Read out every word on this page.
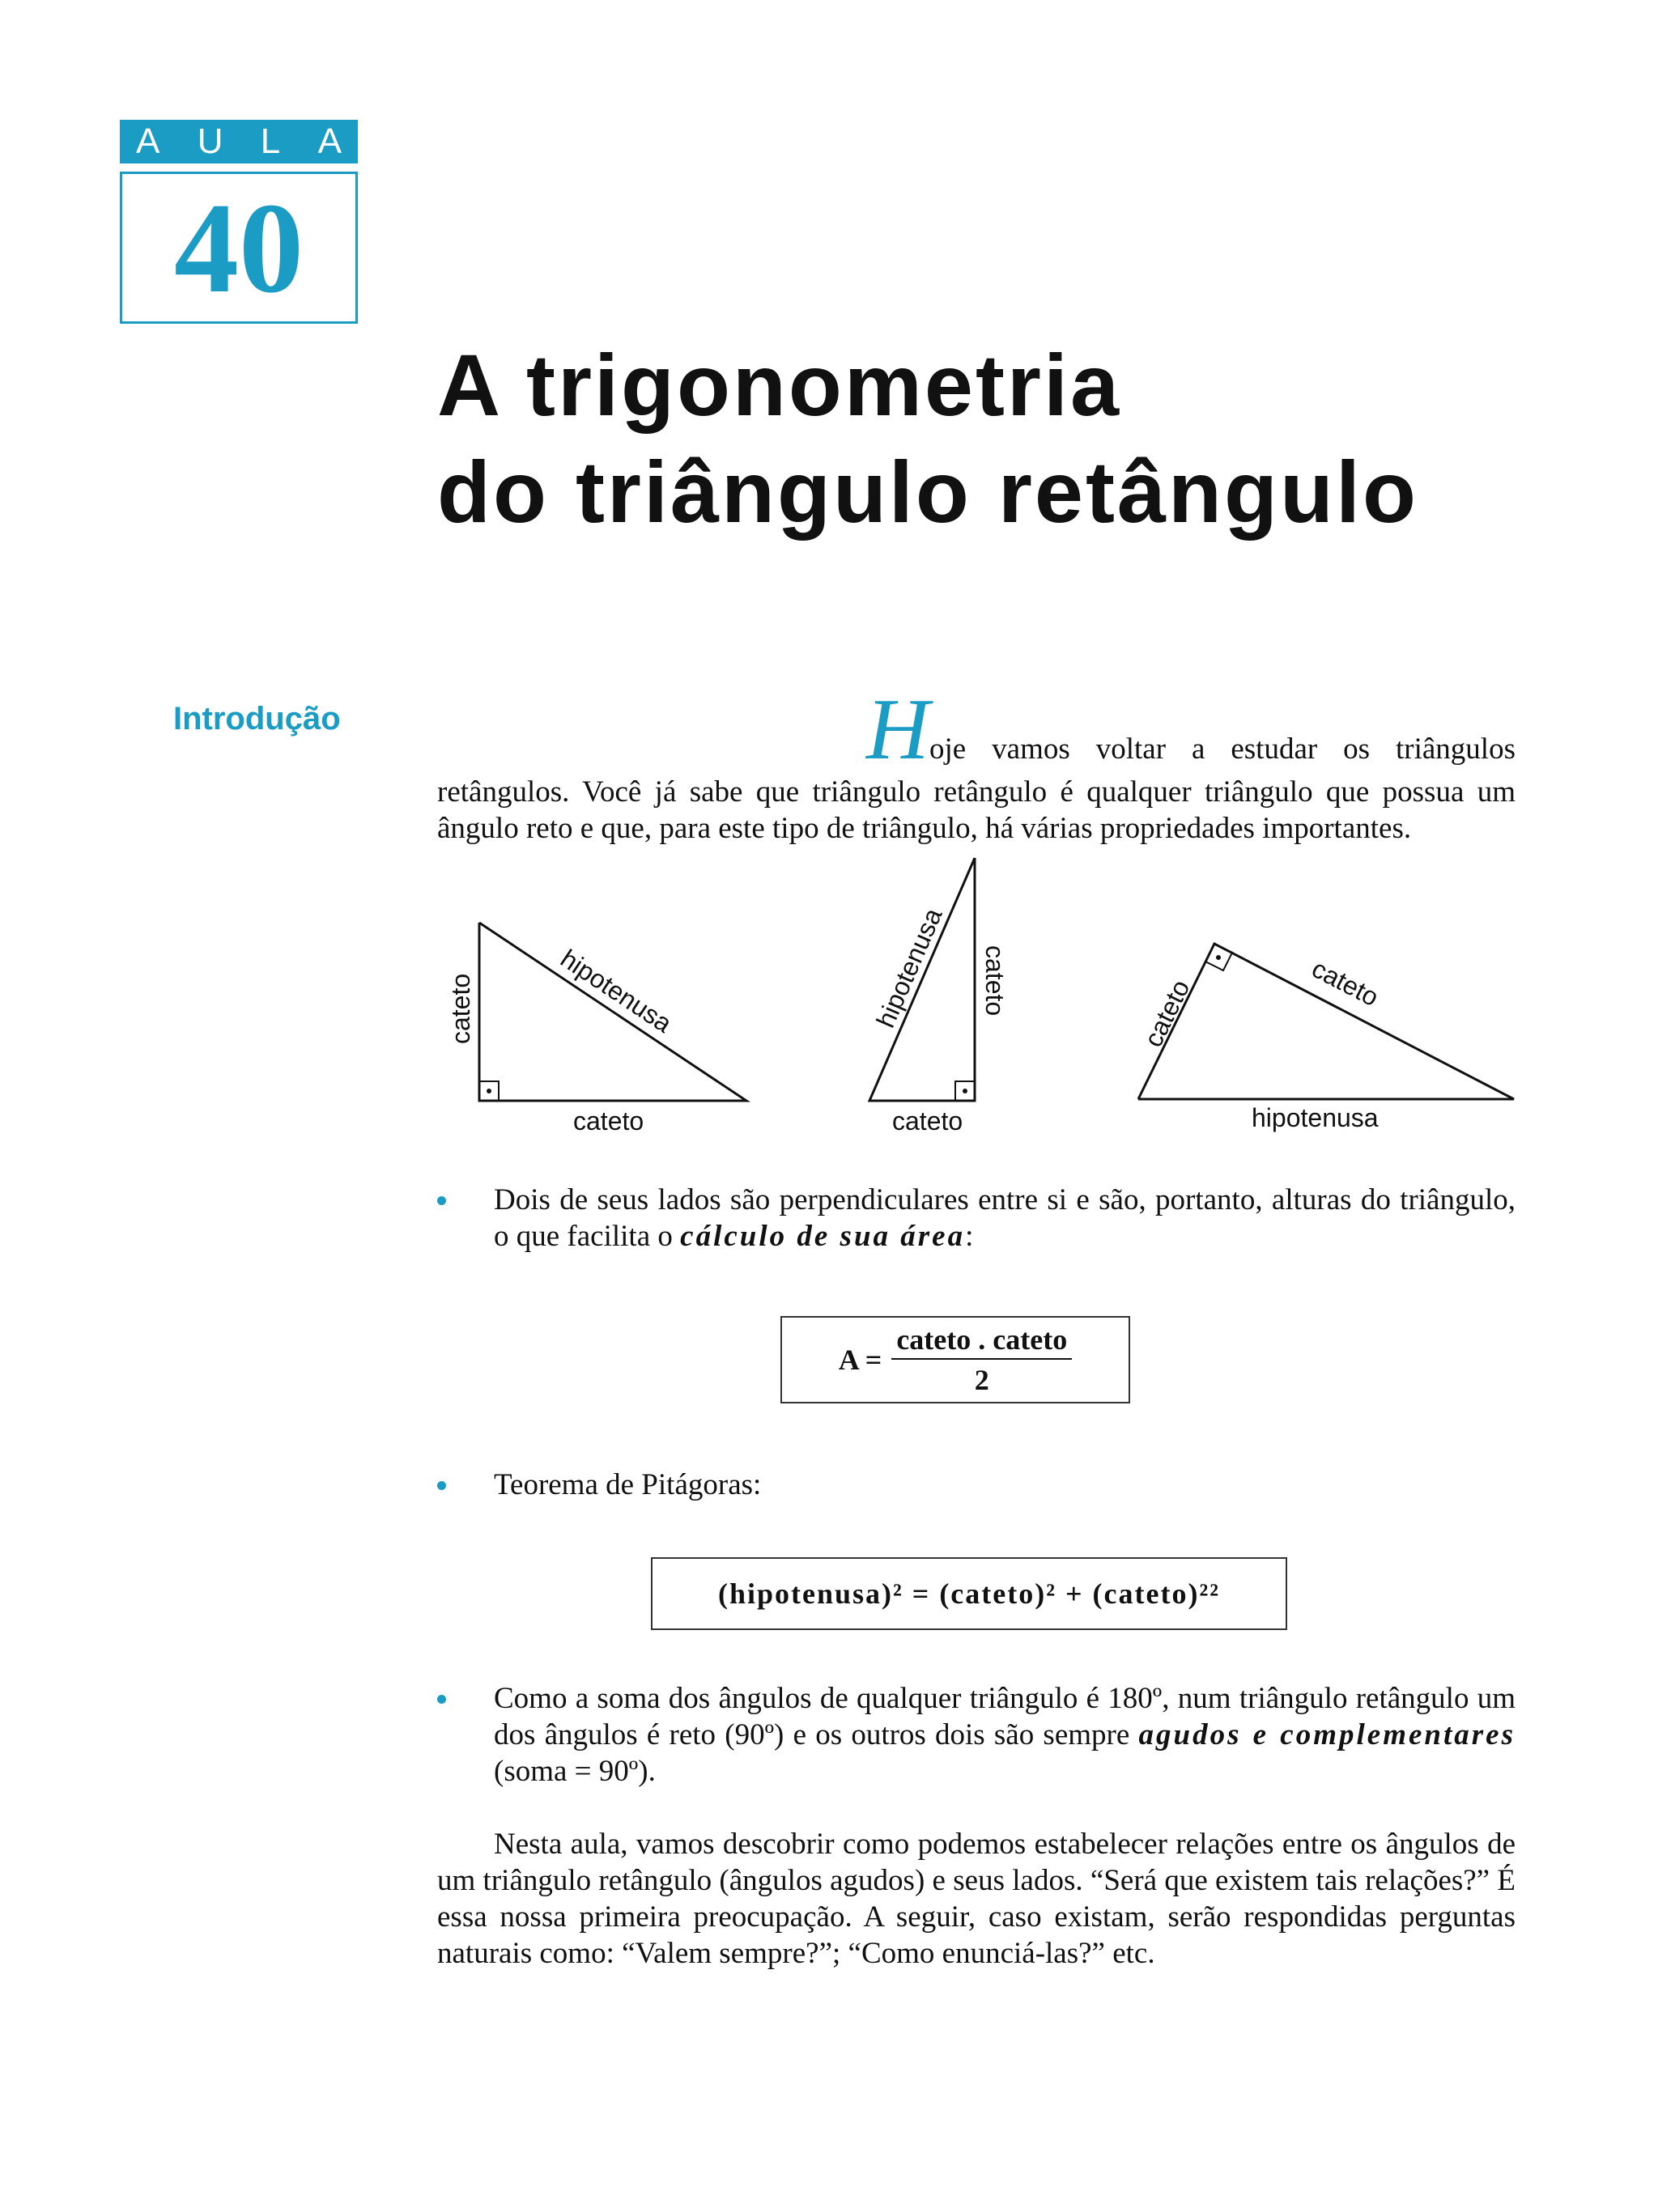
A U L A
40
A trigonometria
do triângulo retângulo
Introdução	Hoje vamos voltar a estudar os triângulos retângulos. Você já sabe que triângulo retângulo é qualquer triângulo que possua um ângulo reto e que, para este tipo de triângulo, há várias propriedades importantes.

cateto	hipotenusa
cateto
hipotenusa cateto
cateto
cateto	cateto
hipotenusa
Dois de seus lados são perpendiculares entre si e são, portanto, alturas do triângulo, o que facilita o cálculo de sua área:
$A = \frac{\text{cateto . cateto}}{2}$
Teorema de Pitágoras:
(hipotenusa)² = (cateto)² + (cateto)²²
Como a soma dos ângulos de qualquer triângulo é 180º, num triângulo retângulo um dos ângulos é reto (90º) e os outros dois são sempre agudos e complementares (soma = 90º).

Nesta aula, vamos descobrir como podemos estabelecer relações entre os ângulos de um triângulo retângulo (ângulos agudos) e seus lados. “Será que existem tais relações?” É essa nossa primeira preocupação. A seguir, caso existam, serão respondidas perguntas naturais como: “Valem sempre?”; “Como enunciá-las?” etc.
